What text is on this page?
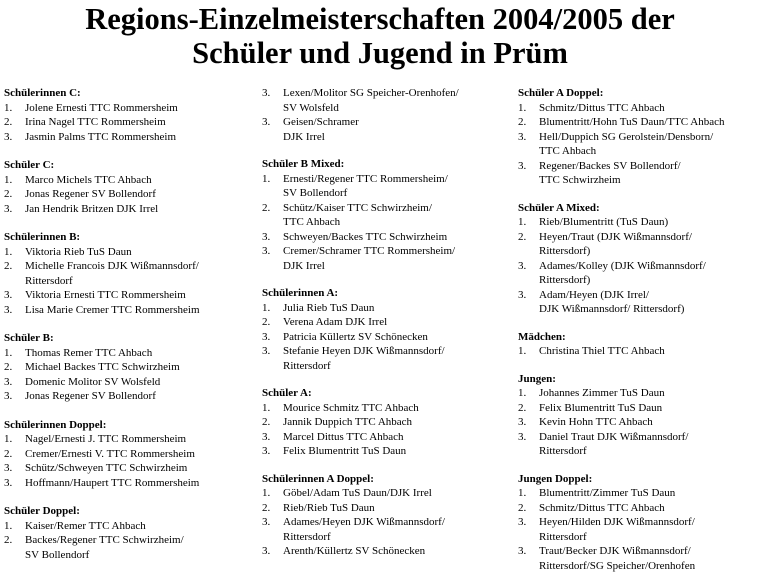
Regions-Einzelmeisterschaften 2004/2005 der
Schüler und Jugend in Prüm
Schülerinnen C:
1. Jolene Ernesti TTC Rommersheim
2. Irina Nagel TTC Rommersheim
3. Jasmin Palms TTC Rommersheim
Schüler C:
1. Marco Michels TTC Ahbach
2. Jonas Regener SV Bollendorf
3. Jan Hendrik Britzen DJK Irrel
Schülerinnen B:
1. Viktoria Rieb TuS Daun
2. Michelle Francois DJK Wißmannsdorf/
Rittersdorf
3. Viktoria Ernesti TTC Rommersheim
3. Lisa Marie Cremer TTC Rommersheim
Schüler B:
1. Thomas Remer TTC Ahbach
2. Michael Backes TTC Schwirzheim
3. Domenic Molitor SV Wolsfeld
3. Jonas Regener SV Bollendorf
Schülerinnen Doppel:
1. Nagel/Ernesti J. TTC Rommersheim
2. Cremer/Ernesti V. TTC Rommersheim
3. Schütz/Schweyen TTC Schwirzheim
3. Hoffmann/Haupert TTC Rommersheim
Schüler Doppel:
1. Kaiser/Remer TTC Ahbach
2. Backes/Regener TTC Schwirzheim/
SV Bollendorf
3. Lexen/Molitor SG Speicher-Orenhofen/
SV Wolsfeld
3. Geisen/Schramer
DJK Irrel
Schüler B Mixed:
1. Ernesti/Regener TTC Rommersheim/
SV Bollendorf
2. Schütz/Kaiser TTC Schwirzheim/
TTC Ahbach
3. Schweyen/Backes TTC Schwirzheim
3. Cremer/Schramer TTC Rommersheim/
DJK Irrel
Schülerinnen A:
1. Julia Rieb TuS Daun
2. Verena Adam DJK Irrel
3. Patricia Küllertz SV Schönecken
3. Stefanie Heyen DJK Wißmannsdorf/
Rittersdorf
Schüler A:
1. Mourice Schmitz TTC Ahbach
2. Jannik Duppich TTC Ahbach
3. Marcel Dittus TTC Ahbach
3. Felix Blumentritt TuS Daun
Schülerinnen A Doppel:
1. Göbel/Adam TuS Daun/DJK Irrel
2. Rieb/Rieb TuS Daun
3. Adames/Heyen DJK Wißmannsdorf/
Rittersdorf
3. Arenth/Küllertz SV Schönecken
Schüler A Doppel:
1. Schmitz/Dittus TTC Ahbach
2. Blumentritt/Hohn TuS Daun/TTC Ahbach
3. Hell/Duppich SG Gerolstein/Densborn/
TTC Ahbach
3. Regener/Backes SV Bollendorf/
TTC Schwirzheim
Schüler A Mixed:
1. Rieb/Blumentritt (TuS Daun)
2. Heyen/Traut (DJK Wißmannsdorf/
Rittersdorf)
3. Adames/Kolley (DJK Wißmannsdorf/
Rittersdorf)
3. Adam/Heyen (DJK Irrel/
DJK Wißmannsdorf/ Rittersdorf)
Mädchen:
1. Christina Thiel TTC Ahbach
Jungen:
1. Johannes Zimmer TuS Daun
2. Felix Blumentritt TuS Daun
3. Kevin Hohn TTC Ahbach
3. Daniel Traut DJK Wißmannsdorf/
Rittersdorf
Jungen Doppel:
1. Blumentritt/Zimmer TuS Daun
2. Schmitz/Dittus TTC Ahbach
3. Heyen/Hilden DJK Wißmannsdorf/
Rittersdorf
3. Traut/Becker DJK Wißmannsdorf/
Rittersdorf/SG Speicher/Orenhofen
